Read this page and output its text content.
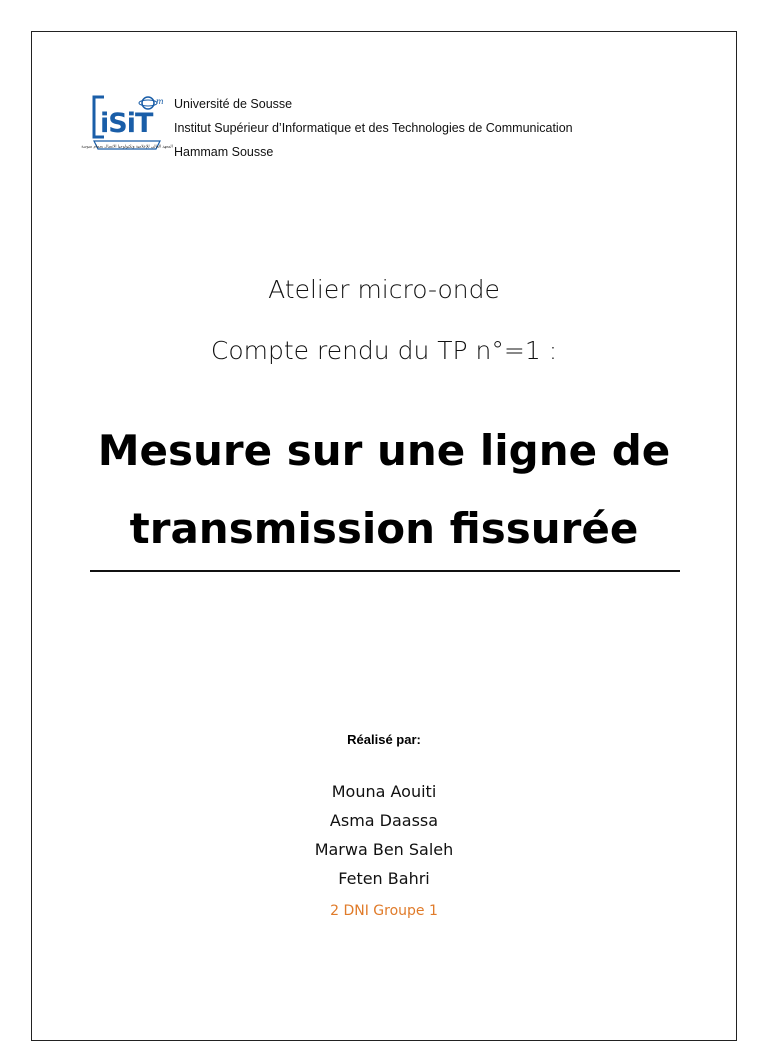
m
iSiT
المعهد العالي للإعلامية وتكنولوجيا الاتصال بحمام سوسة
Université de Sousse
Institut Supérieur d’Informatique et des Technologies de Communication
Hammam Sousse
Atelier micro-onde
Compte rendu du TP n°=1 :
Mesure sur une ligne de
transmission fissurée
Réalisé par:
Mouna Aouiti
Asma Daassa
Marwa Ben Saleh
Feten Bahri
2 DNI Groupe 1
